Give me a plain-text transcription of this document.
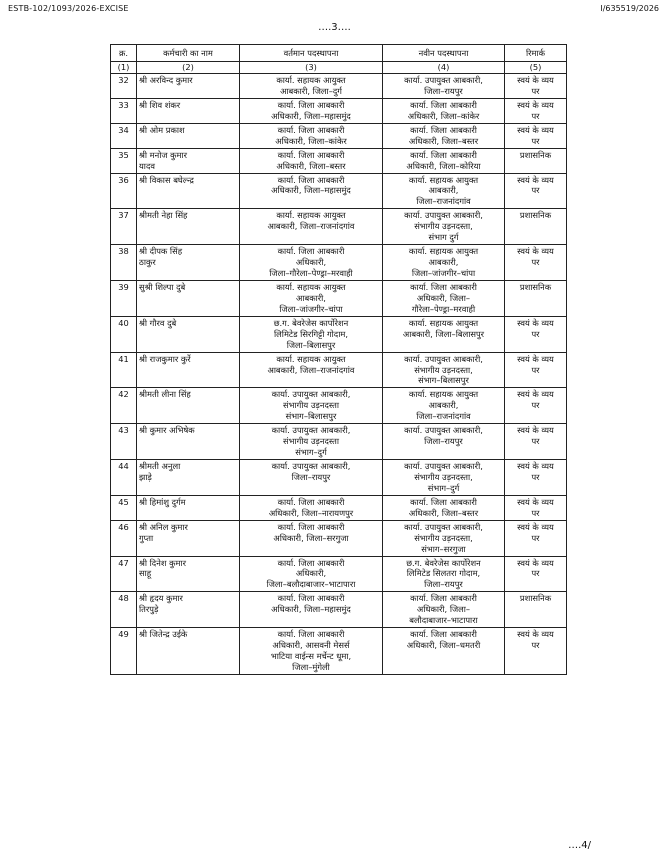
ESTB-102/1093/2026-EXCISE	I/635519/2026
….3….
क्र.	कर्मचारी का नाम	वर्तमान पदस्थापना	नवीन पदस्थापना	रिमार्क
(1)	(2)	(3)	(4)	(5)
32	श्री अरविन्द कुमार	कार्या. सहायक आयुक्त
आबकारी, जिला–दुर्ग	कार्या. उपायुक्त आबकारी,
जिला–रायपुर	स्वयं के व्यय
पर

33	श्री शिव शंकर	कार्या. जिला आबकारी
अधिकारी, जिला–महासमुंद	कार्या. जिला आबकारी
अधिकारी, जिला–कांकेर	स्वयं के व्यय
पर

34	श्री ओम प्रकाश	कार्या. जिला आबकारी
अधिकारी, जिला–कांकेर	कार्या. जिला आबकारी
अधिकारी, जिला–बस्तर	स्वयं के व्यय
पर

35	श्री मनोज कुमार
यादव	कार्या. जिला आबकारी
अधिकारी, जिला–बस्तर	कार्या. जिला आबकारी
अधिकारी, जिला–कोरिया	प्रशासनिक

36	श्री विकास बघेल्न्द्र	कार्या. जिला आबकारी
अधिकारी, जिला–महासमुंद	कार्या. सहायक आयुक्त
आबकारी,
जिला–राजनांदगांव	स्वयं के व्यय
पर

37	श्रीमती नेहा सिंह	कार्या. सहायक आयुक्त
आबकारी, जिला–राजनांदगांव	कार्या. उपायुक्त आबकारी,
संभागीय उड़नदस्ता,
संभाग दुर्ग	प्रशासनिक

38	श्री दीपक सिंह
ठाकुर	कार्या. जिला आबकारी
अधिकारी,
जिला–गौरेला–पेण्ड्रा–मरवाही	कार्या. सहायक आयुक्त
आबकारी,
जिला–जांजगीर–चांपा	स्वयं के व्यय
पर

39	सुश्री शिल्पा दुबे	कार्या. सहायक आयुक्त
आबकारी,
जिला–जांजगीर–चांपा	कार्या. जिला आबकारी
अधिकारी, जिला–
गौरेला–पेण्ड्रा–मरवाही	प्रशासनिक

40	श्री गौरव दुबे	छ.ग. बेवरेजेस कार्पोरेशन
लिमिटेड सिरगिट्टी गोदाम,
जिला–बिलासपुर	कार्या. सहायक आयुक्त
आबकारी, जिला–बिलासपुर	स्वयं के व्यय
पर

41	श्री राजकुमार कुर्रे	कार्या. सहायक आयुक्त
आबकारी, जिला–राजनांदगांव	कार्या. उपायुक्त आबकारी,
संभागीय उड़नदस्ता,
संभाग–बिलासपुर	स्वयं के व्यय
पर

42	श्रीमती लीना सिंह	कार्या. उपायुक्त आबकारी,
संभागीय उड़नदस्ता
संभाग–बिलासपुर	कार्या. सहायक आयुक्त
आबकारी,
जिला–राजनांदगांव	स्वयं के व्यय
पर

43	श्री कुमार अभिषेक	कार्या. उपायुक्त आबकारी,
संभागीय उड़नदस्ता
संभाग–दुर्ग	कार्या. उपायुक्त आबकारी,
जिला–रायपुर	स्वयं के व्यय
पर

44	श्रीमती अनुला
झाड़े	कार्या. उपायुक्त आबकारी,
जिला–रायपुर	कार्या. उपायुक्त आबकारी,
संभागीय उड़नदस्ता,
संभाग–दुर्ग	स्वयं के व्यय
पर

45	श्री हिमांशु दुर्गम	कार्या. जिला आबकारी
अधिकारी, जिला–नारायणपुर	कार्या. जिला आबकारी
अधिकारी, जिला–बस्तर	स्वयं के व्यय
पर

46	श्री अनिल कुमार
गुप्ता	कार्या. जिला आबकारी
अधिकारी, जिला–सरगुजा	कार्या. उपायुक्त आबकारी,
संभागीय उड़नदस्ता,
संभाग–सरगुजा	स्वयं के व्यय
पर

47	श्री दिनेश कुमार
साहू	कार्या. जिला आबकारी
अधिकारी,
जिला–बलौदाबाजार–भाटापारा	छ.ग. बेवरेजेस कार्पोरेशन
लिमिटेड सिलतरा गोदाम,
जिला–रायपुर	स्वयं के व्यय
पर

48	श्री हृदय कुमार
तिरपुड़े	कार्या. जिला आबकारी
अधिकारी, जिला–महासमुंद	कार्या. जिला आबकारी
अधिकारी, जिला–
बलौदाबाजार–भाटापारा	प्रशासनिक

49	श्री जितेन्द्र उईके	कार्या. जिला आबकारी
अधिकारी, आसवनी मेसर्स
भाटिया वाईन्स मर्चेन्ट धूमा,
जिला–मुंगेली	कार्या. जिला आबकारी
अधिकारी, जिला–धमतरी	स्वयं के व्यय
पर
….4/
